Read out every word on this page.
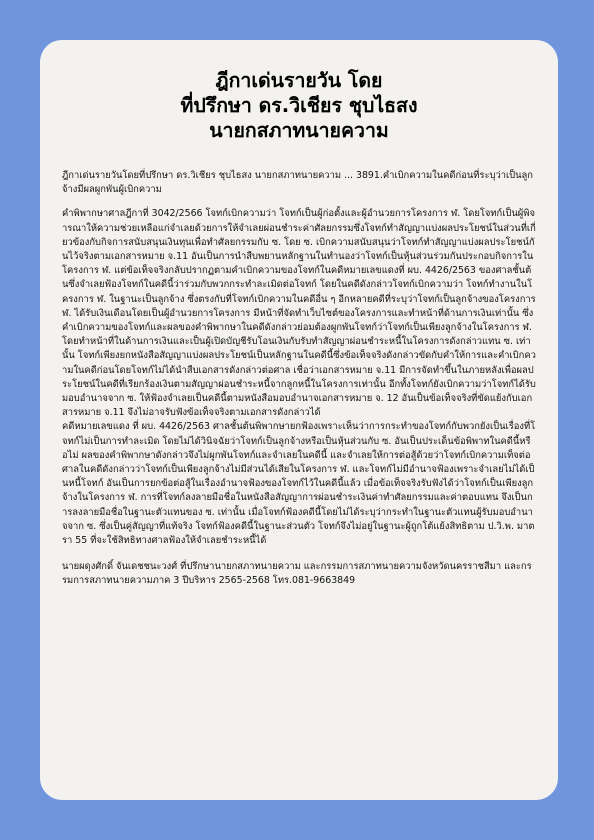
ฎีกาเด่นรายวัน โดย
ที่ปรึกษา ดร.วิเชียร ชุบไธสง
นายกสภาทนายความ
ฎีกาเด่นรายวันโดยที่ปรึกษา ดร.วิเชียร ชุบไธสง นายกสภาทนายความ ... 3891.คำเบิกความในคดีก่อนที่ระบุว่าเป็นลูกจ้างมีผลผูกพันผู้เบิกความ
คำพิพากษาศาลฎีกาที่ 3042/2566 โจทก์เบิกความว่า โจทก์เป็นผู้ก่อตั้งและผู้อำนวยการโครงการ ฬ. โดยโจทก์เป็นผู้พิจารณาให้ความช่วยเหลือแก่จำเลยด้วยการให้จำเลยผ่อนชำระค่าศัลยกรรมซึ่งโจทก์ทำสัญญาแบ่งผลประโยชน์ในส่วนที่เกี่ยวข้องกับกิจการสนับสนุนเงินทุนเพื่อทำศัลยกรรมกับ ซ. โดย ซ. เบิกความสนับสนุนว่าโจทก์ทำสัญญาแบ่งผลประโยชน์กันไว้จริงตามเอกสารหมาย จ.11 อันเป็นการนำสืบพยานหลักฐานในทำนองว่าโจทก์เป็นหุ้นส่วนร่วมกันประกอบกิจการในโครงการ ฬ. แต่ข้อเท็จจริงกลับปรากฏตามคำเบิกความของโจทก์ในคดีหมายเลขแดงที่ ผบ. 4426/2563 ของศาลชั้นต้นซึ่งจำเลยฟ้องโจทก์ในคดีนี้ว่าร่วมกับพวกกระทำละเมิดต่อโจทก์ โดยในคดีดังกล่าวโจทก์เบิกความว่า โจทก์ทำงานในโครงการ ฬ. ในฐานะเป็นลูกจ้าง ซึ่งตรงกับที่โจทก์เบิกความในคดีอื่น ๆ อีกหลายคดีที่ระบุว่าโจทก์เป็นลูกจ้างของโครงการ ฬ. ได้รับเงินเดือนโดยเป็นผู้อำนวยการโครงการ มีหน้าที่จัดทำเว็บไซต์ของโครงการและทำหน้าที่ด้านการเงินเท่านั้น ซึ่งคำเบิกความของโจทก์และผลของคำพิพากษาในคดีดังกล่าวย่อมต้องผูกพันโจทก์ว่าโจทก์เป็นเพียงลูกจ้างในโครงการ ฬ. โดยทำหน้าที่ในด้านการเงินและเป็นผู้เปิดบัญชีรับโอนเงินกับรับทำสัญญาผ่อนชำระหนี้ในโครงการดังกล่าวแทน ซ. เท่านั้น โจทก์เพียงยกหนังสือสัญญาแบ่งผลประโยชน์เป็นหลักฐานในคดีนี้ซึ่งข้อเท็จจริงดังกล่าวขัดกับคำให้การและคำเบิกความในคดีก่อนโดยโจทก์ไม่ได้นำสืบเอกสารดังกล่าวต่อศาล เชื่อว่าเอกสารหมาย จ.11 มีการจัดทำขึ้นในภายหลังเพื่อผลประโยชน์ในคดีที่เรียกร้องเงินตามสัญญาผ่อนชำระหนี้จากลูกหนี้ในโครงการเท่านั้น อีกทั้งโจทก์ยังเบิกความว่าโจทก์ได้รับมอบอำนาจจาก ซ. ให้ฟ้องจำเลยเป็นคดีนี้ตามหนังสือมอบอำนาจเอกสารหมาย จ. 12 อันเป็นข้อเท็จจริงที่ขัดแย้งกับเอกสารหมาย จ.11 จึงไม่อาจรับฟังข้อเท็จจริงตามเอกสารดังกล่าวได้
คดีหมายเลขแดง ที่ ผบ. 4426/2563 ศาลชั้นต้นพิพากษายกฟ้องเพราะเห็นว่าการกระทำของโจทก์กับพวกยังเป็นเรื่องที่โจทก์ไม่เป็นการทำละเมิด โดยไม่ได้วินิจฉัยว่าโจทก์เป็นลูกจ้างหรือเป็นหุ้นส่วนกับ ซ. อันเป็นประเด็นข้อพิพาทในคดีนี้หรือไม่ ผลของคำพิพากษาดังกล่าวจึงไม่ผูกพันโจทก์และจำเลยในคดีนี้ และจำเลยให้การต่อสู้ด้วยว่าโจทก์เบิกความเท็จต่อศาลในคดีดังกล่าวว่าโจทก์เป็นเพียงลูกจ้างไม่มีส่วนได้เสียในโครงการ ฬ. และโจทก์ไม่มีอำนาจฟ้องเพราะจำเลยไม่ได้เป็นหนี้โจทก์ อันเป็นการยกข้อต่อสู้ในเรื่องอำนาจฟ้องของโจทก์ไว้ในคดีนี้แล้ว เมื่อข้อเท็จจริงรับฟังได้ว่าโจทก์เป็นเพียงลูกจ้างในโครงการ ฬ. การที่โจทก์ลงลายมือชื่อในหนังสือสัญญาการผ่อนชำระเงินค่าทำศัลยกรรมและค่าตอบแทน จึงเป็นการลงลายมือชื่อในฐานะตัวแทนของ ซ. เท่านั้น เมื่อโจทก์ฟ้องคดีนี้โดยไม่ได้ระบุว่ากระทำในฐานะตัวแทนผู้รับมอบอำนาจจาก ซ. ซึ่งเป็นคู่สัญญาที่แท้จริง โจทก์ฟ้องคดีนี้ในฐานะส่วนตัว โจทก์จึงไม่อยู่ในฐานะผู้ถูกโต้แย้งสิทธิตาม ป.วิ.พ. มาตรา 55 ที่จะใช้สิทธิทางศาลฟ้องให้จำเลยชำระหนี้ได้
นายผดุงศักดิ์ จันเดชชนะวงศ์ ที่ปรึกษานายกสภาทนายความ และกรรมการสภาทนายความจังหวัดนครราชสีมา และกรรมการสภาทนายความภาค 3 ปีบริหาร 2565-2568 โทร.081-9663849
